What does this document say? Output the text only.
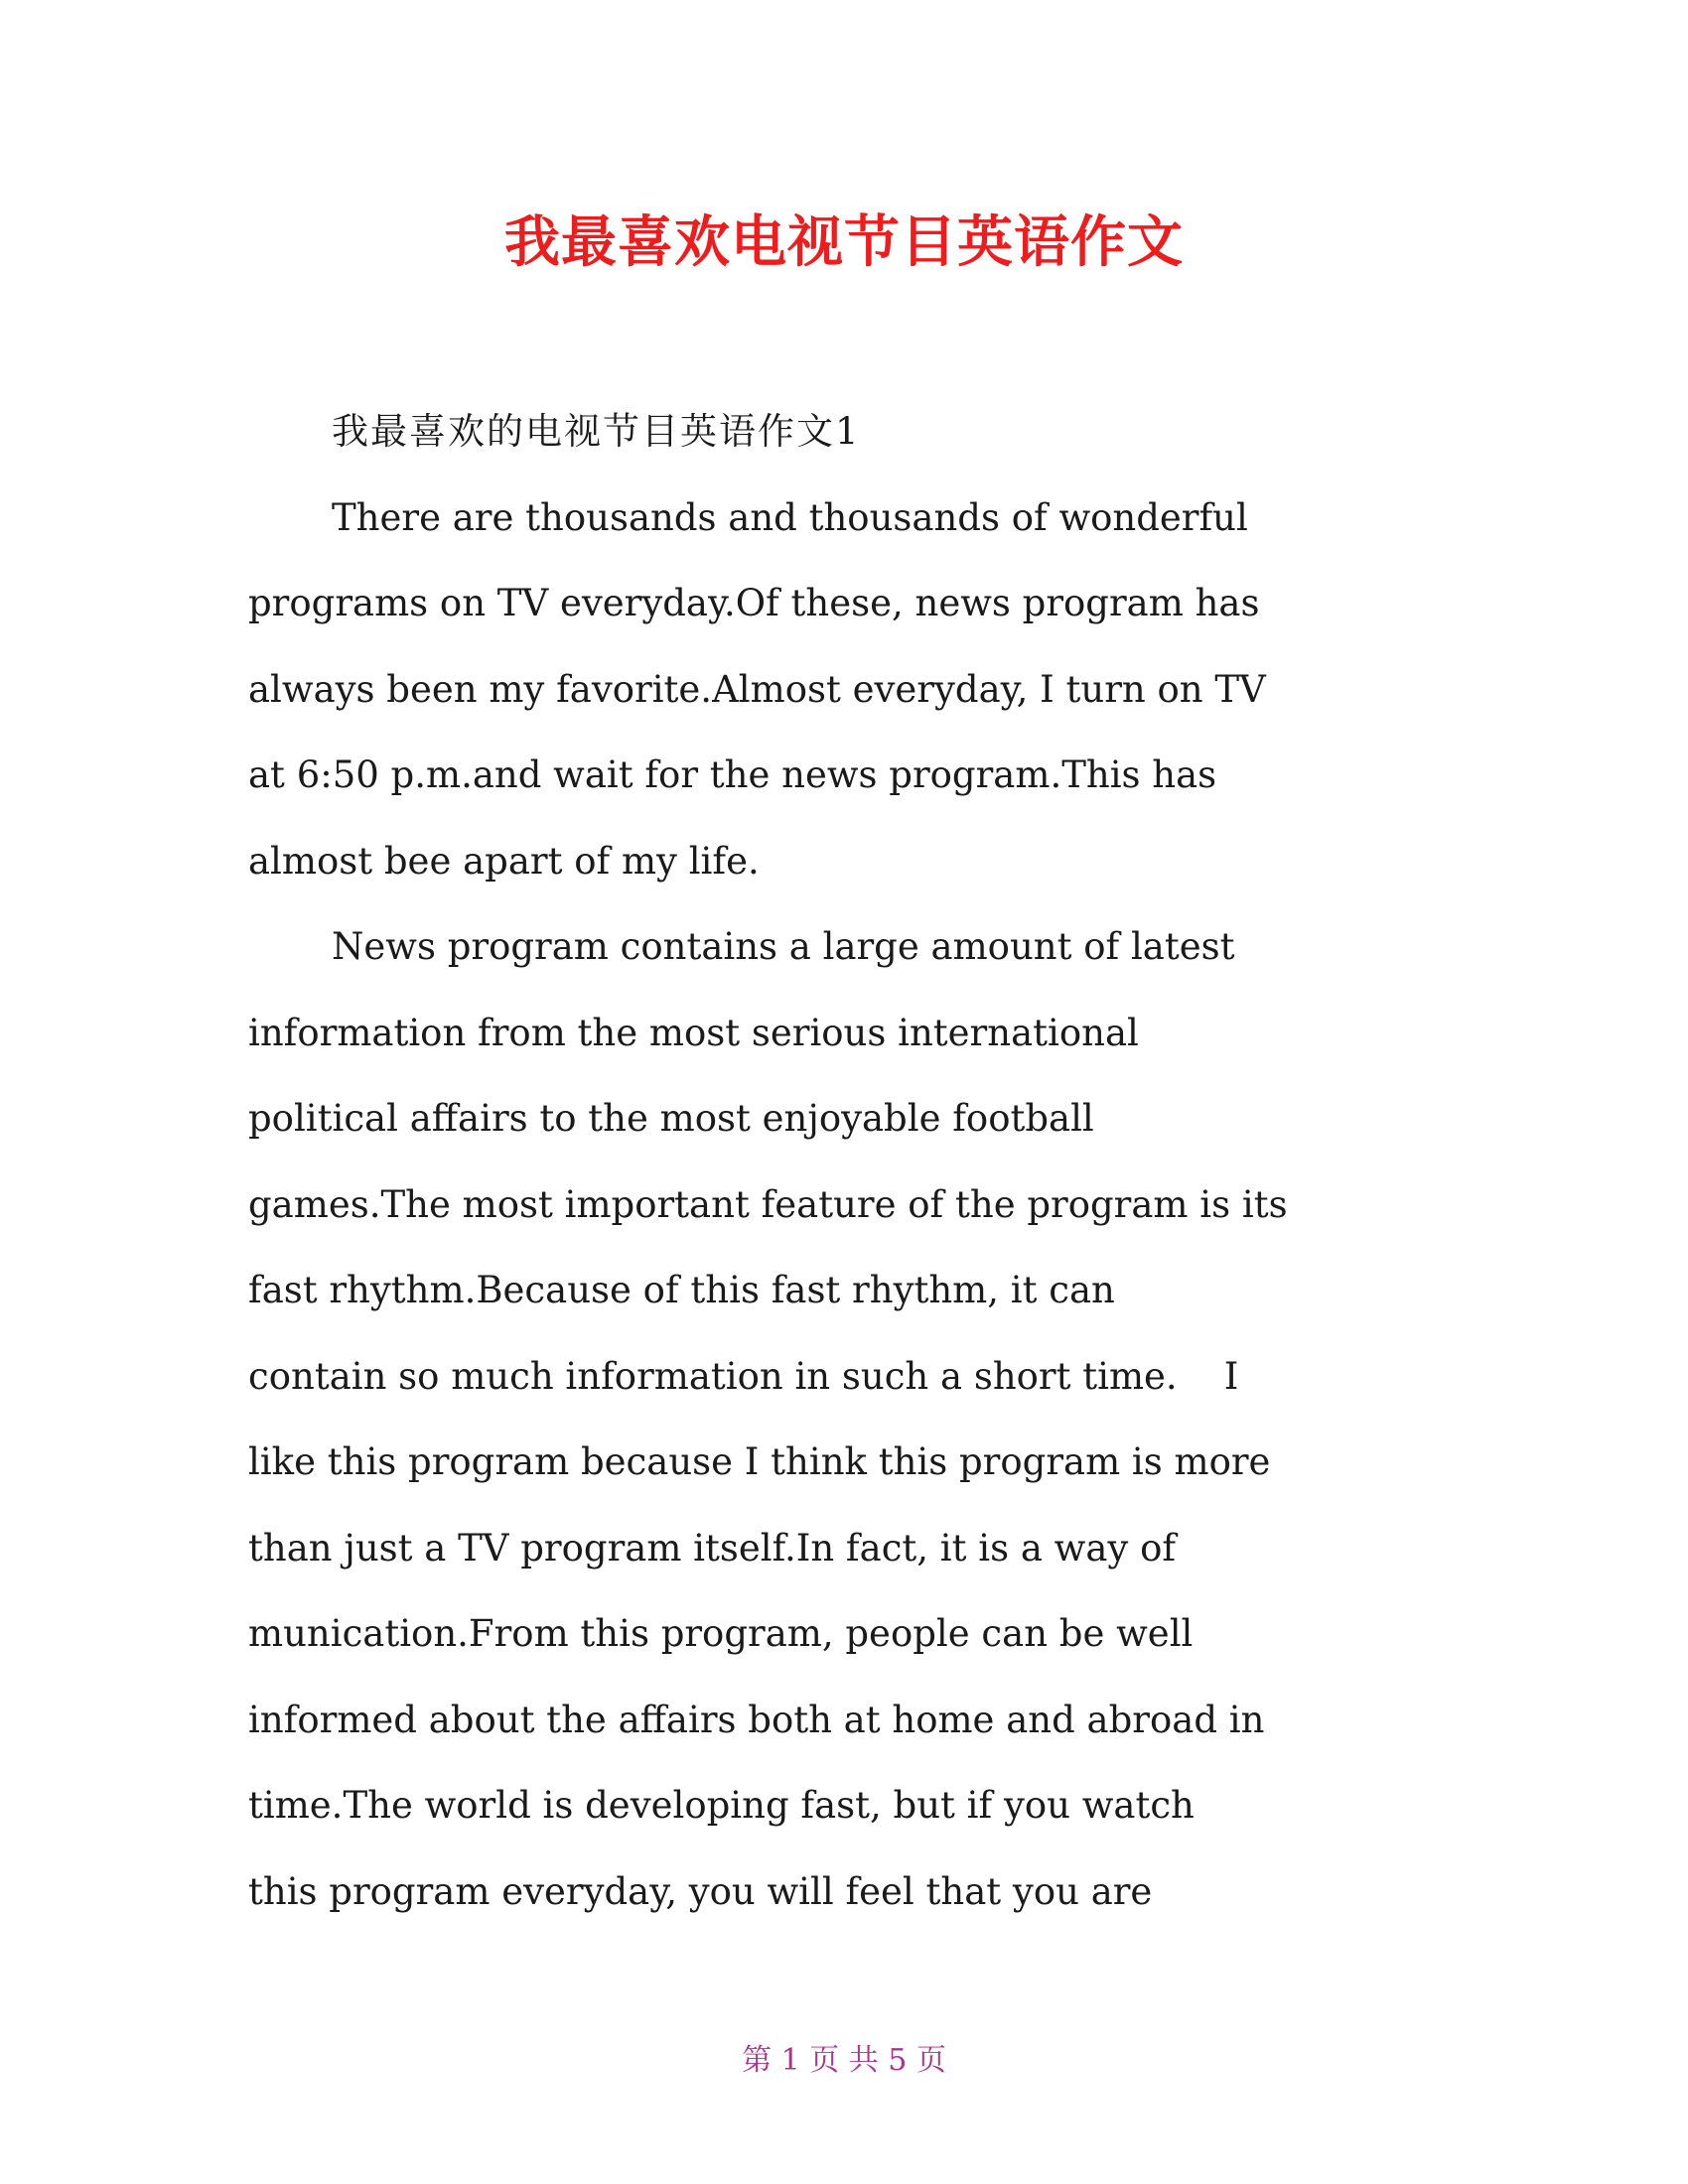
我最喜欢电视节目英语作文
我最喜欢的电视节目英语作文1
There are thousands and thousands of wonderful
programs on TV everyday.Of these, news program has
always been my favorite.Almost everyday, I turn on TV
at 6:50 p.m.and wait for the news program.This has
almost bee apart of my life.
News program contains a large amount of latest
information from the most serious international
political affairs to the most enjoyable football
games.The most important feature of the program is its
fast rhythm.Because of this fast rhythm, it can
contain so much information in such a short time.    I
like this program because I think this program is more
than just a TV program itself.In fact, it is a way of
munication.From this program, people can be well
informed about the affairs both at home and abroad in
time.The world is developing fast, but if you watch
this program everyday, you will feel that you are
第 1 页 共 5 页
